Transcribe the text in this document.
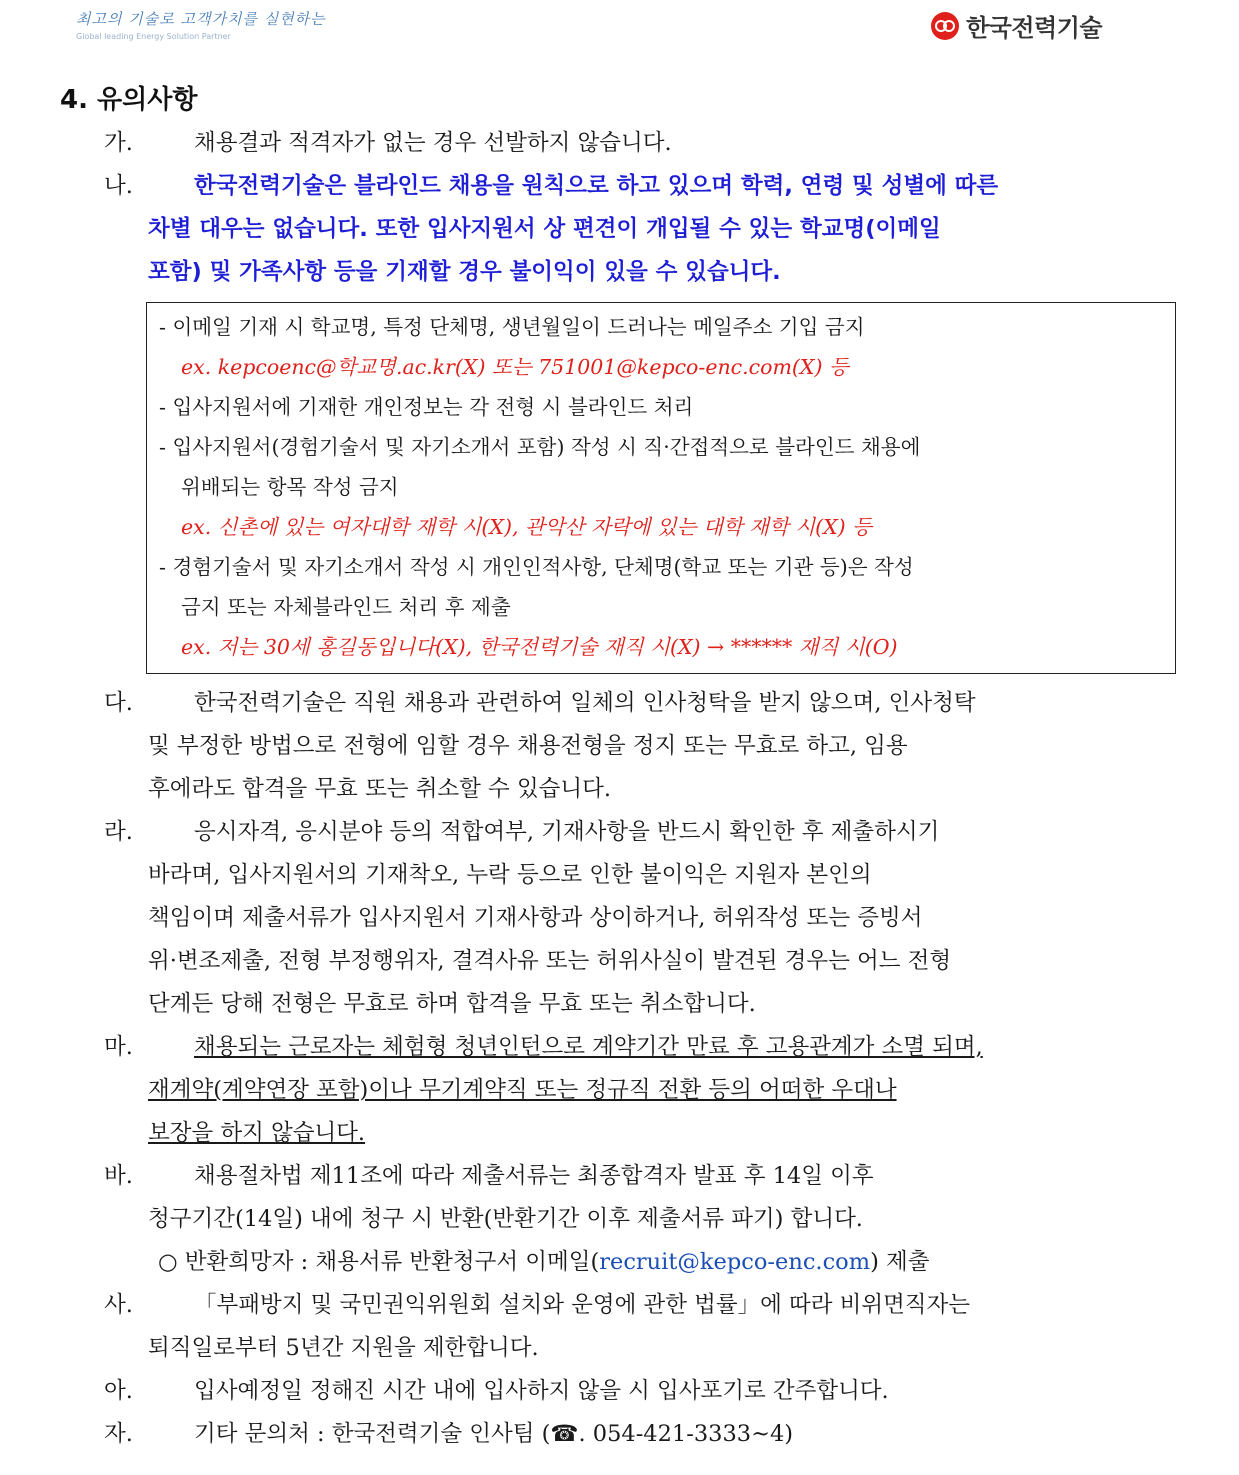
최고의 기술로 고객가치를 실현하는
Global leading Energy Solution Partner	한국전력기술
4. 유의사항
가.	채용결과 적격자가 없는 경우 선발하지 않습니다.
나.	한국전력기술은 블라인드 채용을 원칙으로 하고 있으며 학력, 연령 및 성별에 따른
차별 대우는 없습니다. 또한 입사지원서 상 편견이 개입될 수 있는 학교명(이메일
포함) 및 가족사항 등을 기재할 경우 불이익이 있을 수 있습니다.
- 이메일 기재 시 학교명, 특정 단체명, 생년월일이 드러나는 메일주소 기입 금지
ex. kepcoenc@학교명.ac.kr(X) 또는 751001@kepco-enc.com(X) 등
- 입사지원서에 기재한 개인정보는 각 전형 시 블라인드 처리
- 입사지원서(경험기술서 및 자기소개서 포함) 작성 시 직·간접적으로 블라인드 채용에
위배되는 항목 작성 금지
ex. 신촌에 있는 여자대학 재학 시(X), 관악산 자락에 있는 대학 재학 시(X) 등
- 경험기술서 및 자기소개서 작성 시 개인인적사항, 단체명(학교 또는 기관 등)은 작성
금지 또는 자체블라인드 처리 후 제출
ex. 저는 30세 홍길동입니다(X), 한국전력기술 재직 시(X) → ****** 재직 시(O)
다.	한국전력기술은 직원 채용과 관련하여 일체의 인사청탁을 받지 않으며, 인사청탁
및 부정한 방법으로 전형에 임할 경우 채용전형을 정지 또는 무효로 하고, 임용
후에라도 합격을 무효 또는 취소할 수 있습니다.
라.	응시자격, 응시분야 등의 적합여부, 기재사항을 반드시 확인한 후 제출하시기
바라며, 입사지원서의 기재착오, 누락 등으로 인한 불이익은 지원자 본인의
책임이며 제출서류가 입사지원서 기재사항과 상이하거나, 허위작성 또는 증빙서
위·변조제출, 전형 부정행위자, 결격사유 또는 허위사실이 발견된 경우는 어느 전형
단계든 당해 전형은 무효로 하며 합격을 무효 또는 취소합니다.
마.	채용되는 근로자는 체험형 청년인턴으로 계약기간 만료 후 고용관계가 소멸 되며,
재계약(계약연장 포함)이나 무기계약직 또는 정규직 전환 등의 어떠한 우대나
보장을 하지 않습니다.
바.	채용절차법 제11조에 따라 제출서류는 최종합격자 발표 후 14일 이후
청구기간(14일) 내에 청구 시 반환(반환기간 이후 제출서류 파기) 합니다.
○ 반환희망자 : 채용서류 반환청구서 이메일(recruit@kepco-enc.com) 제출
사.	「부패방지 및 국민권익위원회 설치와 운영에 관한 법률」에 따라 비위면직자는
퇴직일로부터 5년간 지원을 제한합니다.
아.	입사예정일 정해진 시간 내에 입사하지 않을 시 입사포기로 간주합니다.
자.	기타 문의처 : 한국전력기술 인사팀 (☎. 054-421-3333~4)
